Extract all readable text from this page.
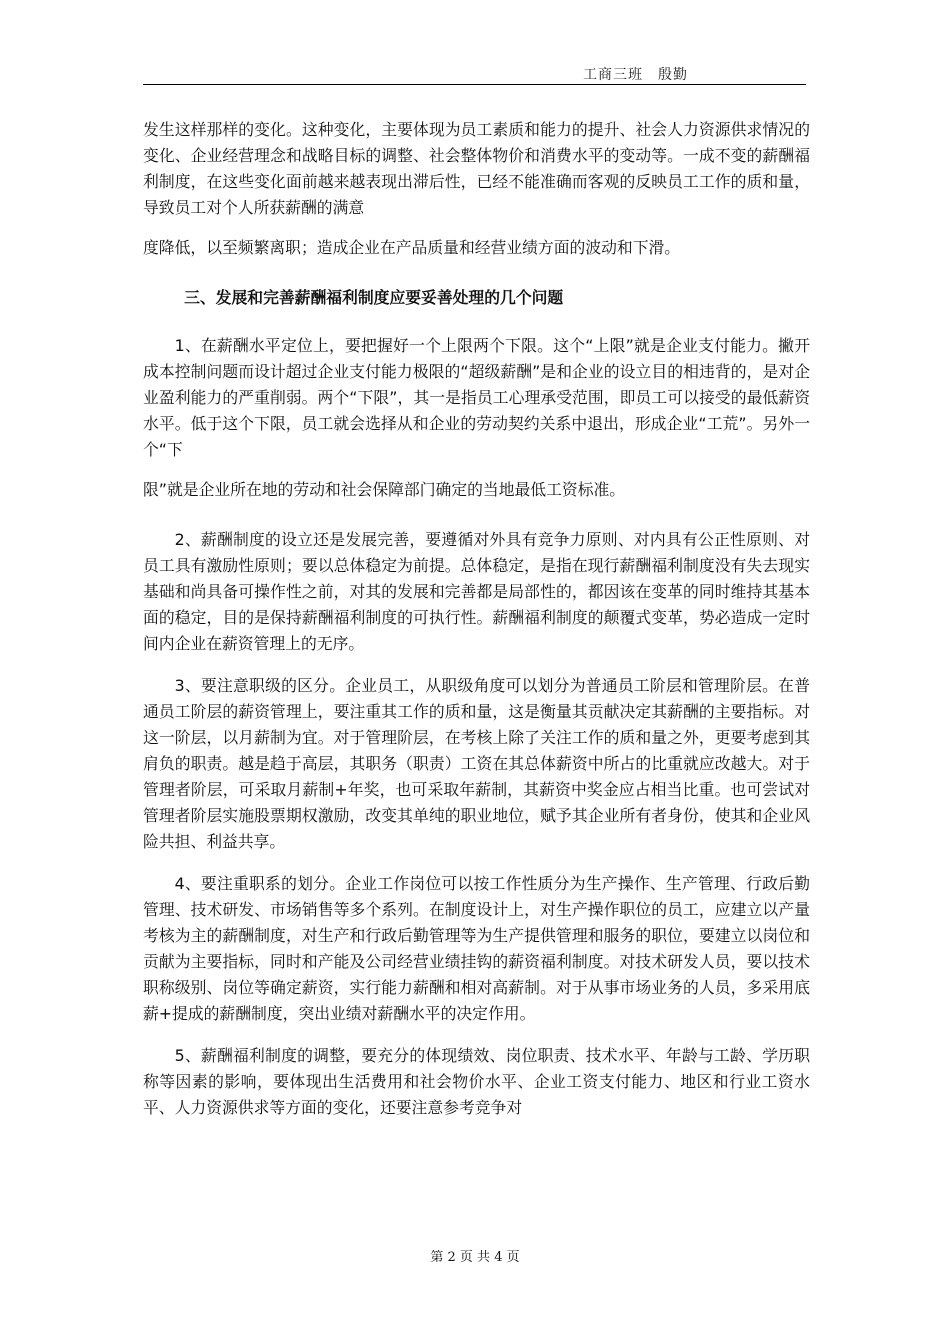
工商三班　殷勤

发生这样那样的变化。这种变化，主要体现为员工素质和能力的提升、社会人力资源供求情况的变化、企业经营理念和战略目标的调整、社会整体物价和消费水平的变动等。一成不变的薪酬福利制度，在这些变化面前越来越表现出滞后性，已经不能准确而客观的反映员工工作的质和量，导致员工对个人所获薪酬的满意

度降低，以至频繁离职；造成企业在产品质量和经营业绩方面的波动和下滑。

三、发展和完善薪酬福利制度应要妥善处理的几个问题

1、在薪酬水平定位上，要把握好一个上限两个下限。这个“上限”就是企业支付能力。撇开成本控制问题而设计超过企业支付能力极限的“超级薪酬”是和企业的设立目的相违背的，是对企业盈利能力的严重削弱。两个“下限”，其一是指员工心理承受范围，即员工可以接受的最低薪资水平。低于这个下限，员工就会选择从和企业的劳动契约关系中退出，形成企业“工荒”。另外一个“下

限”就是企业所在地的劳动和社会保障部门确定的当地最低工资标准。

2、薪酬制度的设立还是发展完善，要遵循对外具有竞争力原则、对内具有公正性原则、对员工具有激励性原则；要以总体稳定为前提。总体稳定，是指在现行薪酬福利制度没有失去现实基础和尚具备可操作性之前，对其的发展和完善都是局部性的，都因该在变革的同时维持其基本面的稳定，目的是保持薪酬福利制度的可执行性。薪酬福利制度的颠覆式变革，势必造成一定时间内企业在薪资管理上的无序。

3、要注意职级的区分。企业员工，从职级角度可以划分为普通员工阶层和管理阶层。在普通员工阶层的薪资管理上，要注重其工作的质和量，这是衡量其贡献决定其薪酬的主要指标。对这一阶层，以月薪制为宜。对于管理阶层，在考核上除了关注工作的质和量之外，更要考虑到其肩负的职责。越是趋于高层，其职务（职责）工资在其总体薪资中所占的比重就应改越大。对于管理者阶层，可采取月薪制+年奖，也可采取年薪制，其薪资中奖金应占相当比重。也可尝试对管理者阶层实施股票期权激励，改变其单纯的职业地位，赋予其企业所有者身份，使其和企业风险共担、利益共享。

4、要注重职系的划分。企业工作岗位可以按工作性质分为生产操作、生产管理、行政后勤管理、技术研发、市场销售等多个系列。在制度设计上，对生产操作职位的员工，应建立以产量考核为主的薪酬制度，对生产和行政后勤管理等为生产提供管理和服务的职位，要建立以岗位和贡献为主要指标，同时和产能及公司经营业绩挂钩的薪资福利制度。对技术研发人员，要以技术职称级别、岗位等确定薪资，实行能力薪酬和相对高薪制。对于从事市场业务的人员，多采用底薪+提成的薪酬制度，突出业绩对薪酬水平的决定作用。

5、薪酬福利制度的调整，要充分的体现绩效、岗位职责、技术水平、年龄与工龄、学历职称等因素的影响，要体现出生活费用和社会物价水平、企业工资支付能力、地区和行业工资水平、人力资源供求等方面的变化，还要注意参考竞争对

第 2 页 共 4 页
